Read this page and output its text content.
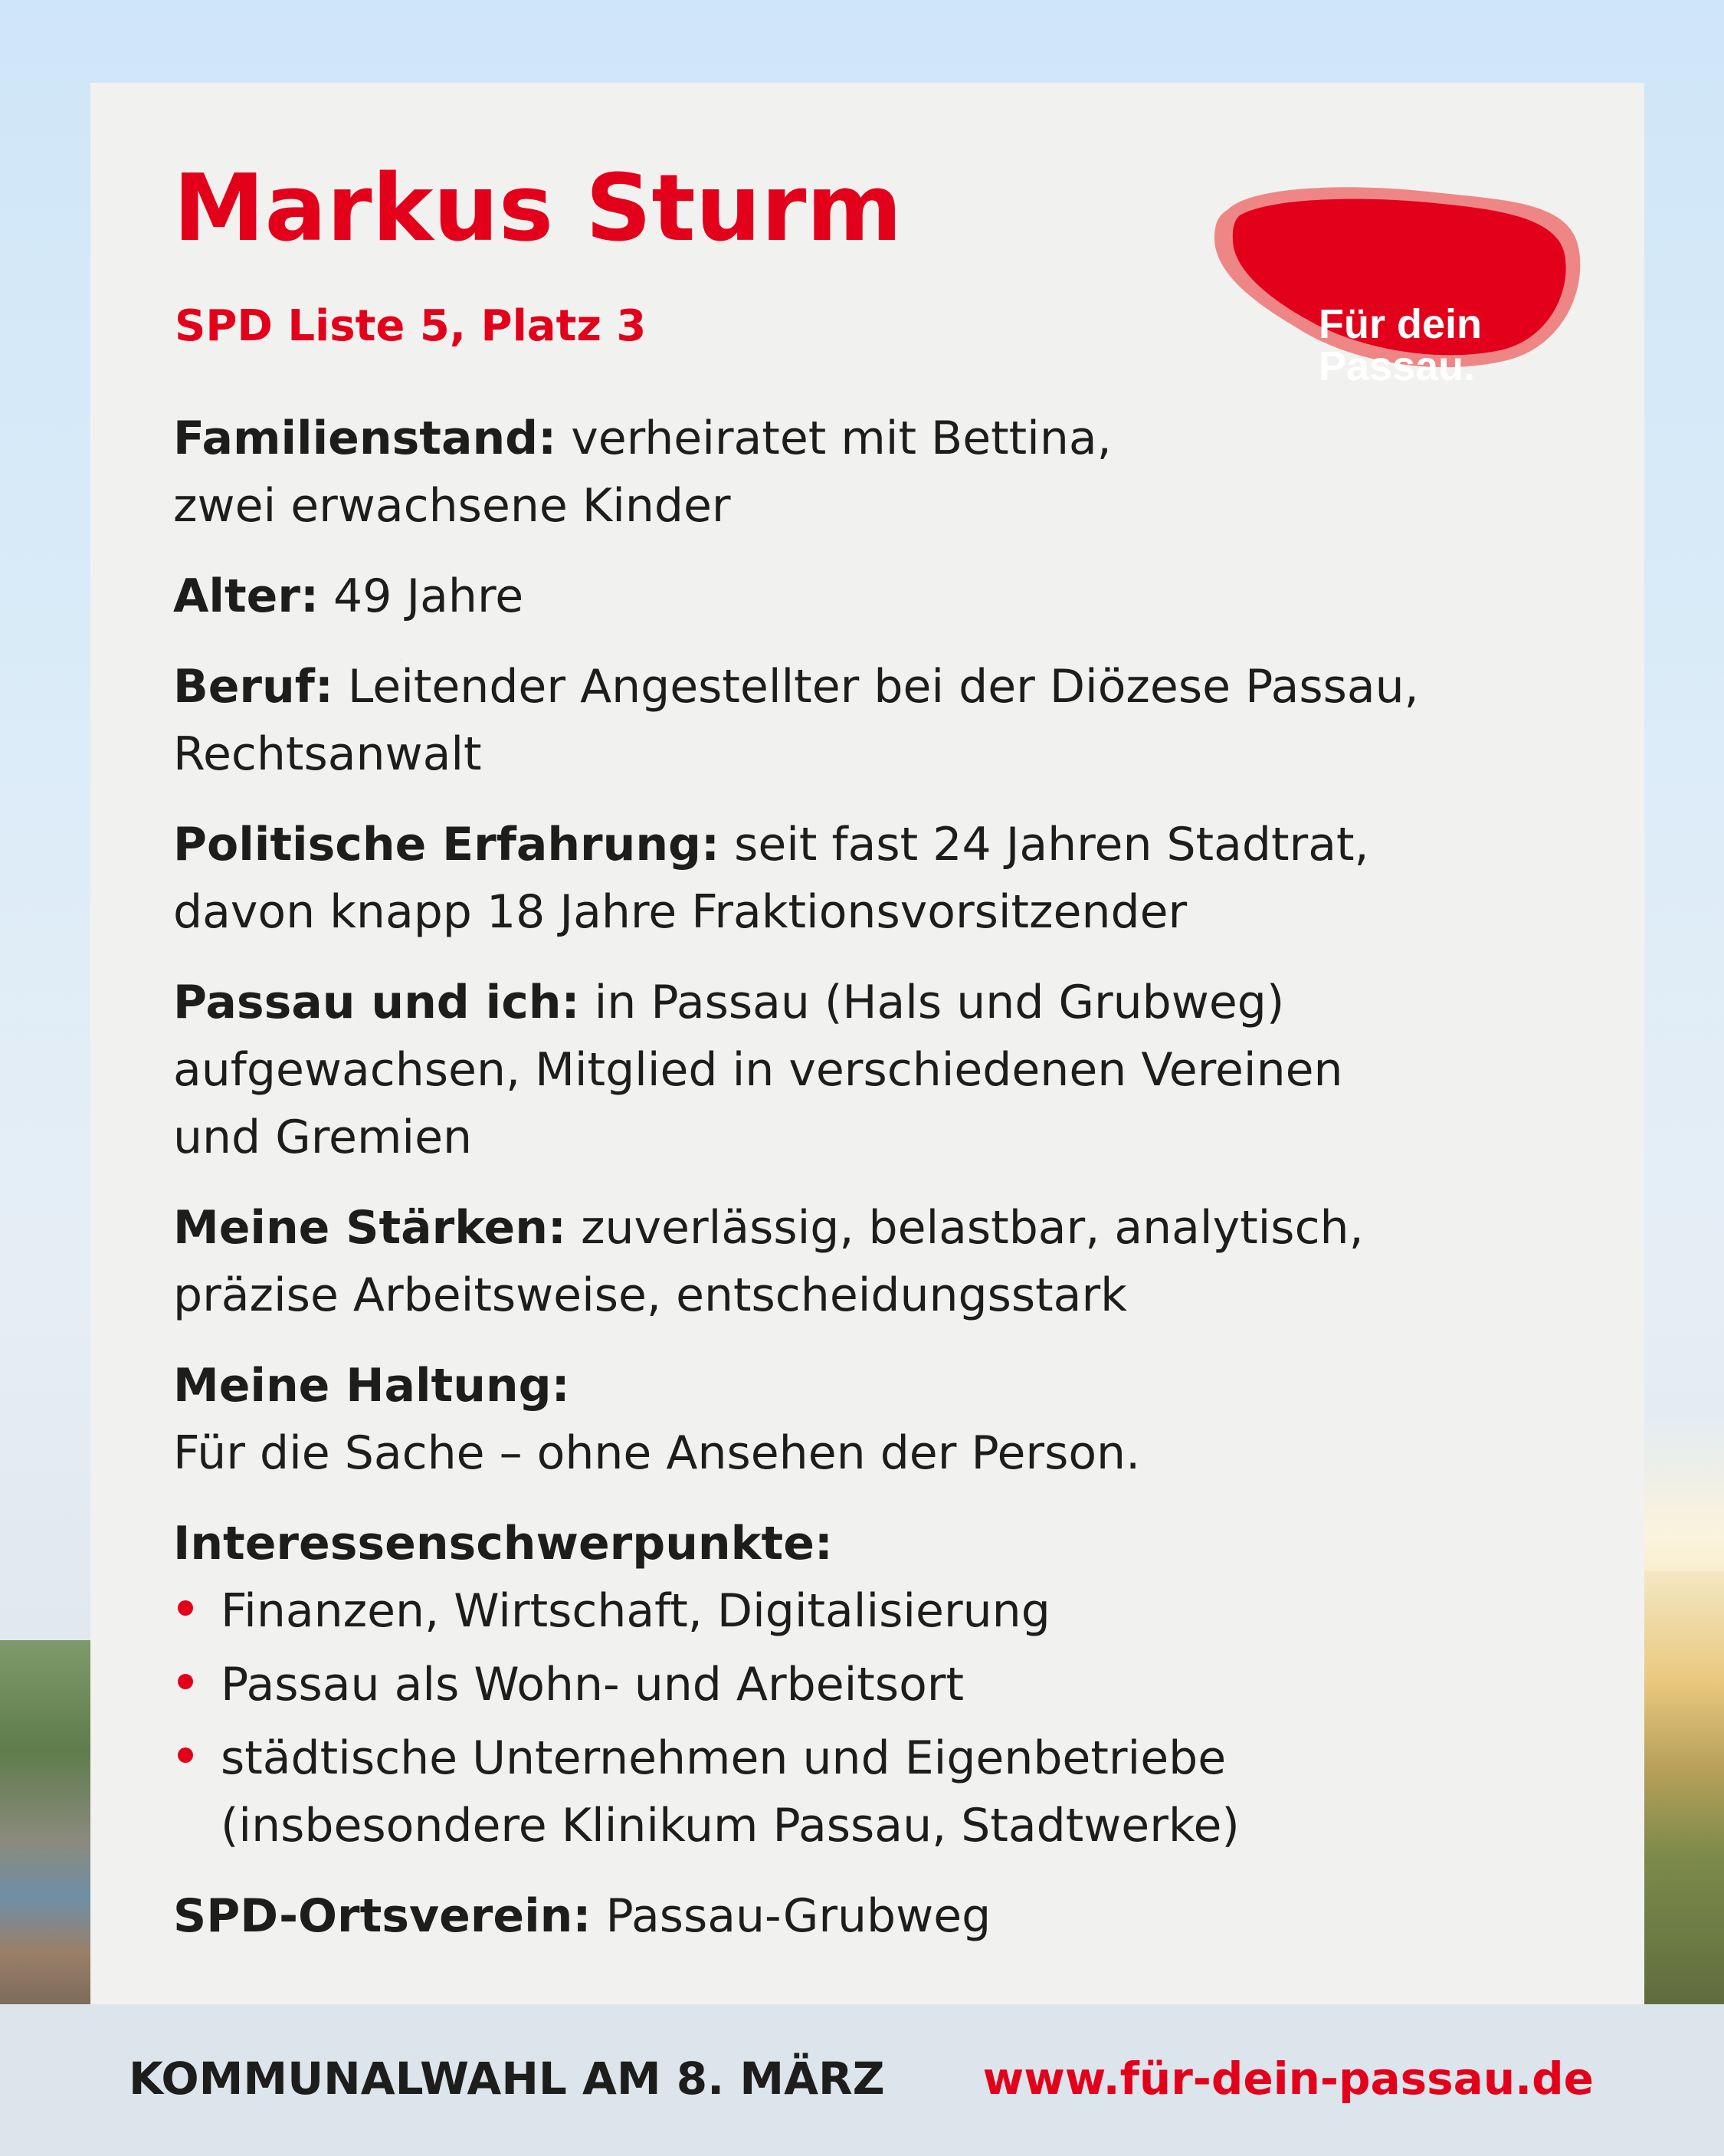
Markus Sturm
SPD Liste 5, Platz 3	Für dein
Passau.

Familienstand: verheiratet mit Bettina,
zwei erwachsene Kinder

Alter: 49 Jahre

Beruf: Leitender Angestellter bei der Diözese Passau,
Rechtsanwalt

Politische Erfahrung: seit fast 24 Jahren Stadtrat,
davon knapp 18 Jahre Fraktionsvorsitzender

Passau und ich: in Passau (Hals und Grubweg)
aufgewachsen, Mitglied in verschiedenen Vereinen
und Gremien

Meine Stärken: zuverlässig, belastbar, analytisch,
präzise Arbeitsweise, entscheidungsstark

Meine Haltung:
Für die Sache – ohne Ansehen der Person.

Interessenschwerpunkte:

Finanzen, Wirtschaft, Digitalisierung
Passau als Wohn- und Arbeitsort
städtische Unternehmen und Eigenbetriebe
(insbesondere Klinikum Passau, Stadtwerke)

SPD-Ortsverein: Passau-Grubweg

KOMMUNALWAHL AM 8. MÄRZ www.für-dein-passau.de
